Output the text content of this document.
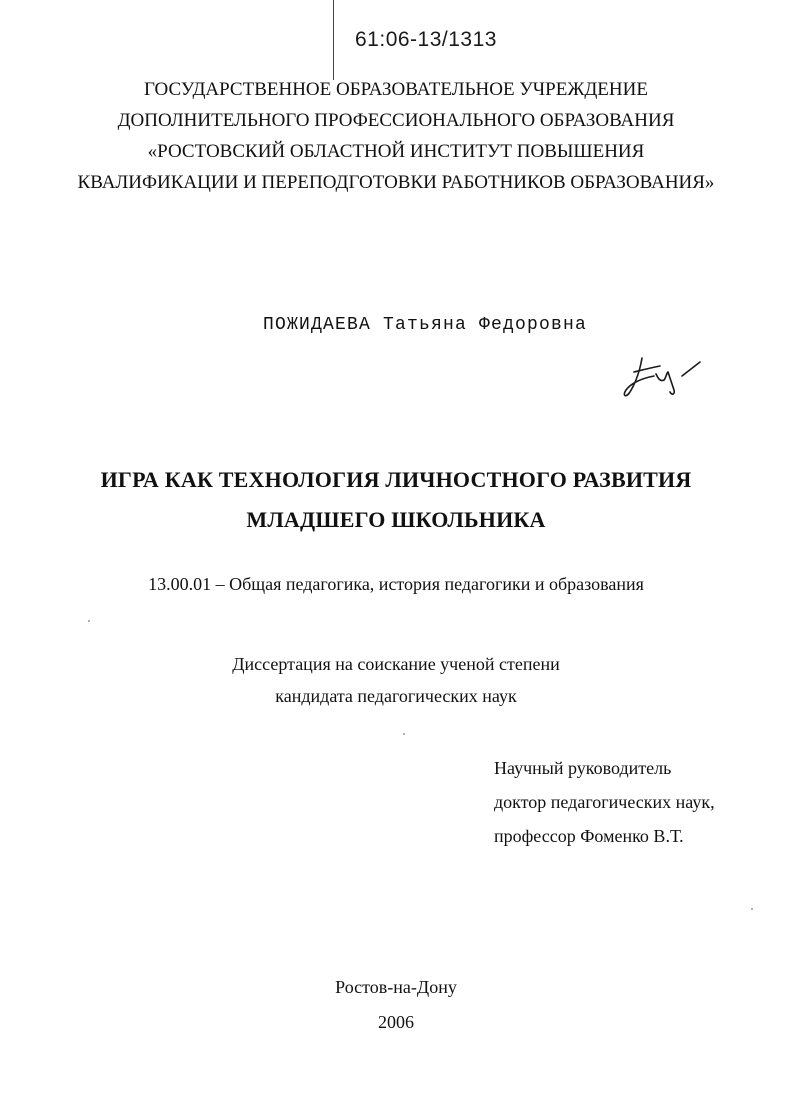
61:06-13/1313
ГОСУДАРСТВЕННОЕ ОБРАЗОВАТЕЛЬНОЕ УЧРЕЖДЕНИЕ
ДОПОЛНИТЕЛЬНОГО ПРОФЕССИОНАЛЬНОГО ОБРАЗОВАНИЯ
«РОСТОВСКИЙ ОБЛАСТНОЙ ИНСТИТУТ ПОВЫШЕНИЯ
КВАЛИФИКАЦИИ И ПЕРЕПОДГОТОВКИ РАБОТНИКОВ ОБРАЗОВАНИЯ»
ПОЖИДАЕВА Татьяна Федоровна
ИГРА КАК ТЕХНОЛОГИЯ ЛИЧНОСТНОГО РАЗВИТИЯ
МЛАДШЕГО ШКОЛЬНИКА
13.00.01 – Общая педагогика, история педагогики и образования
Диссертация на соискание ученой степени
кандидата педагогических наук
Научный руководитель
доктор педагогических наук,
профессор Фоменко В.Т.
Ростов-на-Дону
2006
